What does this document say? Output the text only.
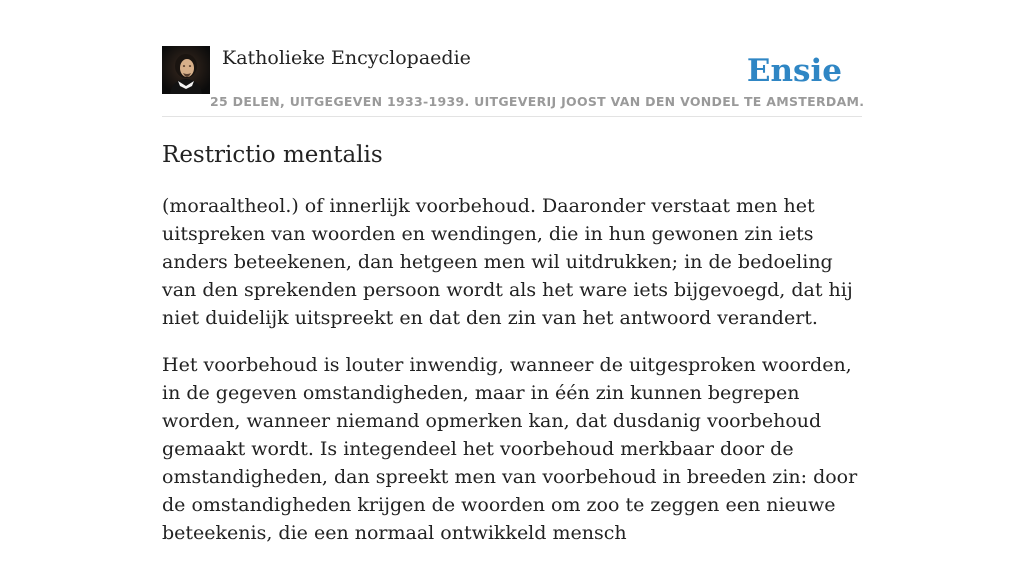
Katholieke Encyclopaedie
25 DELEN, UITGEGEVEN 1933-1939. UITGEVERIJ JOOST VAN DEN VONDEL TE AMSTERDAM.
Ensie
Restrictio mentalis

(moraaltheol.) of innerlijk voorbehoud. Daaronder verstaat men het uitspreken van woorden en wendingen, die in hun gewonen zin iets anders beteekenen, dan hetgeen men wil uitdrukken; in de bedoeling van den sprekenden persoon wordt als het ware iets bijgevoegd, dat hij niet duidelijk uitspreekt en dat den zin van het antwoord verandert.

Het voorbehoud is louter inwendig, wanneer de uitgesproken woorden, in de gegeven omstandigheden, maar in één zin kunnen begrepen worden, wanneer niemand opmerken kan, dat dusdanig voorbehoud gemaakt wordt. Is integendeel het voorbehoud merkbaar door de omstandigheden, dan spreekt men van voorbehoud in breeden zin: door de omstandigheden krijgen de woorden om zoo te zeggen een nieuwe beteekenis, die een normaal ontwikkeld mensch
